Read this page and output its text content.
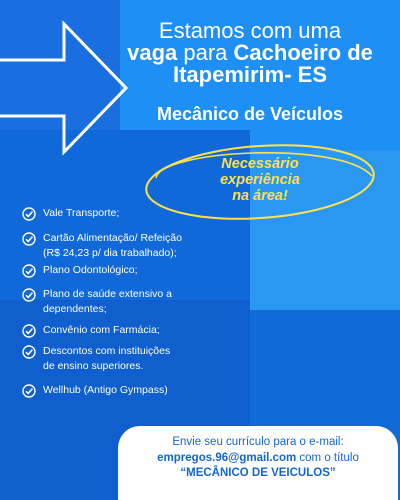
Estamos com uma
vaga para Cachoeiro de
Itapemirim- ES
Mecânico de Veículos
Necessário
experiência
na área!
Vale Transporte;
Cartão Alimentação/ Refeição
(R$ 24,23 p/ dia trabalhado);
Plano Odontológico;
Plano de saúde extensivo a
dependentes;
Convênio com Farmácia;
Descontos com instituições
de ensino superiores.
Wellhub (Antigo Gympass)
Envie seu currículo para o e-mail:
empregos.96@gmail.com com o título
“MECÂNICO DE VEICULOS”
